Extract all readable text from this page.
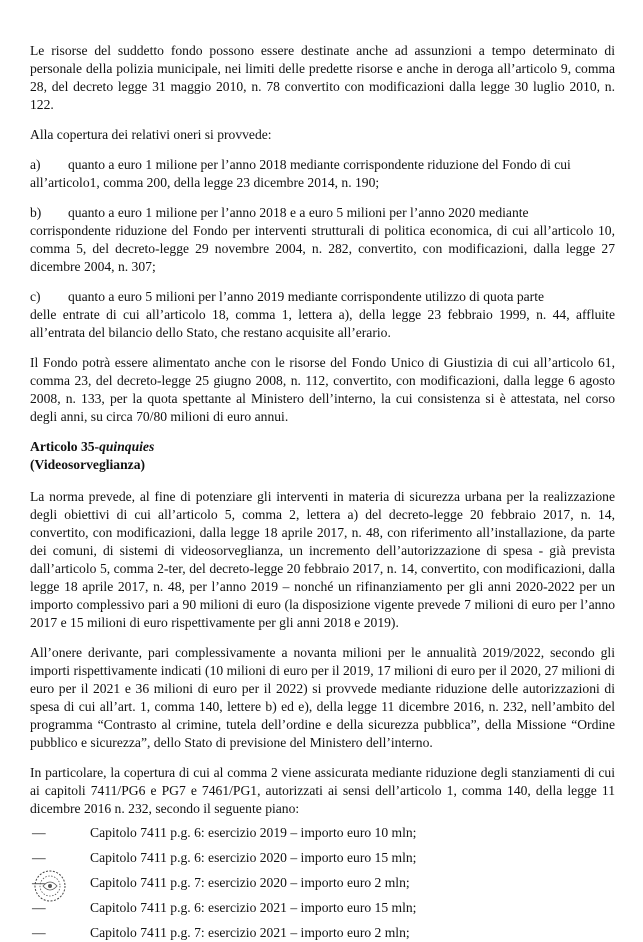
Le risorse del suddetto fondo possono essere destinate anche ad assunzioni a tempo determinato di personale della polizia municipale, nei limiti delle predette risorse e anche in deroga all’articolo 9, comma 28, del decreto legge 31 maggio 2010, n. 78 convertito con modificazioni dalla legge 30 luglio 2010, n. 122.

Alla copertura dei relativi oneri si provvede:

a)	quanto a euro 1 milione per l’anno 2018 mediante corrispondente riduzione del Fondo di cui

all’articolo1, comma 200, della legge 23 dicembre 2014, n. 190;

b)	quanto a euro 1 milione per l’anno 2018 e a euro 5 milioni per l’anno 2020 mediante

corrispondente riduzione del Fondo per interventi strutturali di politica economica, di cui all’articolo 10, comma 5, del decreto-legge 29 novembre 2004, n. 282, convertito, con modificazioni, dalla legge 27 dicembre 2004, n. 307;

c)	quanto a euro 5 milioni per l’anno 2019 mediante corrispondente utilizzo di quota parte

delle entrate di cui all’articolo 18, comma 1, lettera a), della legge 23 febbraio 1999, n. 44, affluite all’entrata del bilancio dello Stato, che restano acquisite all’erario.

Il Fondo potrà essere alimentato anche con le risorse del Fondo Unico di Giustizia di cui all’articolo 61, comma 23, del decreto-legge 25 giugno 2008, n. 112, convertito, con modificazioni, dalla legge 6 agosto 2008, n. 133, per la quota spettante al Ministero dell’interno, la cui consistenza si è attestata, nel corso degli anni, su circa 70/80 milioni di euro annui.

Articolo 35-quinquies
(Videosorveglianza)

La norma prevede, al fine di potenziare gli interventi in materia di sicurezza urbana per la realizzazione degli obiettivi di cui all’articolo 5, comma 2, lettera a) del decreto-legge 20 febbraio 2017, n. 14, convertito, con modificazioni, dalla legge 18 aprile 2017, n. 48, con riferimento all’installazione, da parte dei comuni, di sistemi di videosorveglianza, un incremento dell’autorizzazione di spesa - già prevista dall’articolo 5, comma 2-ter, del decreto-legge 20 febbraio 2017, n. 14, convertito, con modificazioni, dalla legge 18 aprile 2017, n. 48, per l’anno 2019 – nonché un rifinanziamento per gli anni 2020-2022 per un importo complessivo pari a 90 milioni di euro (la disposizione vigente prevede 7 milioni di euro per l’anno 2017 e 15 milioni di euro rispettivamente per gli anni 2018 e 2019).

All’onere derivante, pari complessivamente a novanta milioni per le annualità 2019/2022, secondo gli importi rispettivamente indicati (10 milioni di euro per il 2019, 17 milioni di euro per il 2020, 27 milioni di euro per il 2021 e 36 milioni di euro per il 2022) si provvede mediante riduzione delle autorizzazioni di spesa di cui all’art. 1, comma 140, lettere b) ed e), della legge 11 dicembre 2016, n. 232, nell’ambito del programma “Contrasto al crimine, tutela dell’ordine e della sicurezza pubblica”, della Missione “Ordine pubblico e sicurezza”, dello Stato di previsione del Ministero dell’interno.

In particolare, la copertura di cui al comma 2 viene assicurata mediante riduzione degli stanziamenti di cui ai capitoli 7411/PG6 e PG7 e 7461/PG1, autorizzati ai sensi dell’articolo 1, comma 140, della legge 11 dicembre 2016 n. 232, secondo il seguente piano:

—	Capitolo 7411 p.g. 6: esercizio 2019 – importo euro 10 mln;
—	Capitolo 7411 p.g. 6: esercizio 2020 – importo euro 15 mln;
—	Capitolo 7411 p.g. 7: esercizio 2020 – importo euro 2 mln;
—	Capitolo 7411 p.g. 6: esercizio 2021 – importo euro 15 mln;
—	Capitolo 7411 p.g. 7: esercizio 2021 – importo euro 2 mln;
